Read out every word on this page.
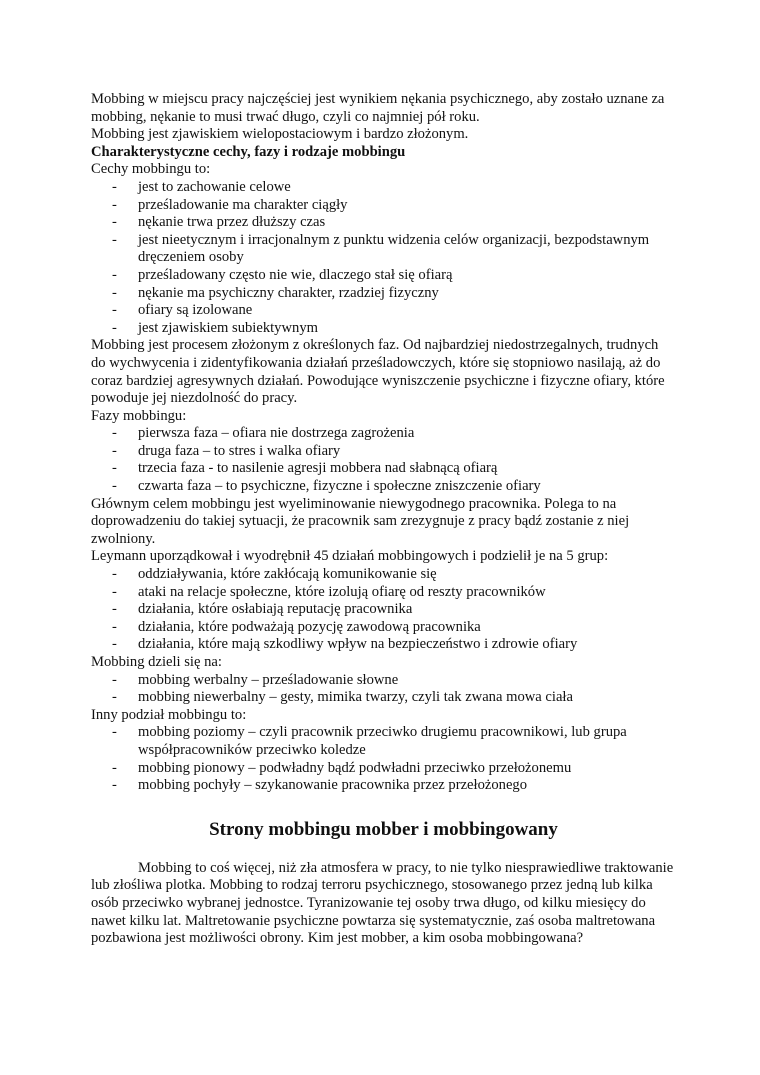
Mobbing w miejscu pracy najczęściej jest wynikiem nękania psychicznego, aby zostało uznane za mobbing, nękanie to musi trwać długo, czyli co najmniej pół roku.

Mobbing jest zjawiskiem wielopostaciowym i bardzo złożonym.

Charakterystyczne cechy, fazy i rodzaje mobbingu

Cechy mobbingu to:

- jest to zachowanie celowe
- prześladowanie ma charakter ciągły
- nękanie trwa przez dłuższy czas
- jest nieetycznym i irracjonalnym z punktu widzenia celów organizacji, bezpodstawnym dręczeniem osoby
- prześladowany często nie wie, dlaczego stał się ofiarą
- nękanie ma psychiczny charakter, rzadziej fizyczny
- ofiary są izolowane
- jest zjawiskiem subiektywnym

Mobbing jest procesem złożonym z określonych faz. Od najbardziej niedostrzegalnych, trudnych do wychwycenia i zidentyfikowania działań prześladowczych, które się stopniowo nasilają, aż do coraz bardziej agresywnych działań. Powodujące wyniszczenie psychiczne i fizyczne ofiary, które powoduje jej niezdolność do pracy.

Fazy mobbingu:

- pierwsza faza – ofiara nie dostrzega zagrożenia
- druga faza – to stres i walka ofiary
- trzecia faza - to nasilenie agresji mobbera nad słabnącą ofiarą
- czwarta faza – to psychiczne, fizyczne i społeczne zniszczenie ofiary

Głównym celem mobbingu jest wyeliminowanie niewygodnego pracownika. Polega to na doprowadzeniu do takiej sytuacji, że pracownik sam zrezygnuje z pracy bądź zostanie z niej zwolniony.

Leymann uporządkował i wyodrębnił 45 działań mobbingowych i podzielił je na 5 grup:

- oddziaływania, które zakłócają komunikowanie się
- ataki na relacje społeczne, które izolują ofiarę od reszty pracowników
- działania, które osłabiają reputację pracownika
- działania, które podważają pozycję zawodową pracownika
- działania, które mają szkodliwy wpływ na bezpieczeństwo i zdrowie ofiary

Mobbing dzieli się na:

- mobbing werbalny – prześladowanie słowne
- mobbing niewerbalny – gesty, mimika twarzy, czyli tak zwana mowa ciała

Inny podział mobbingu to:

- mobbing poziomy – czyli pracownik przeciwko drugiemu pracownikowi, lub grupa współpracowników przeciwko koledze
- mobbing pionowy – podwładny bądź podwładni przeciwko przełożonemu
- mobbing pochyły – szykanowanie pracownika przez przełożonego

Strony mobbingu mobber i mobbingowany

Mobbing to coś więcej, niż zła atmosfera w pracy, to nie tylko niesprawiedliwe traktowanie lub złośliwa plotka. Mobbing to rodzaj terroru psychicznego, stosowanego przez jedną lub kilka osób przeciwko wybranej jednostce. Tyranizowanie tej osoby trwa długo, od kilku miesięcy do nawet kilku lat. Maltretowanie psychiczne powtarza się systematycznie, zaś osoba maltretowana pozbawiona jest możliwości obrony. Kim jest mobber, a kim osoba mobbingowana?
